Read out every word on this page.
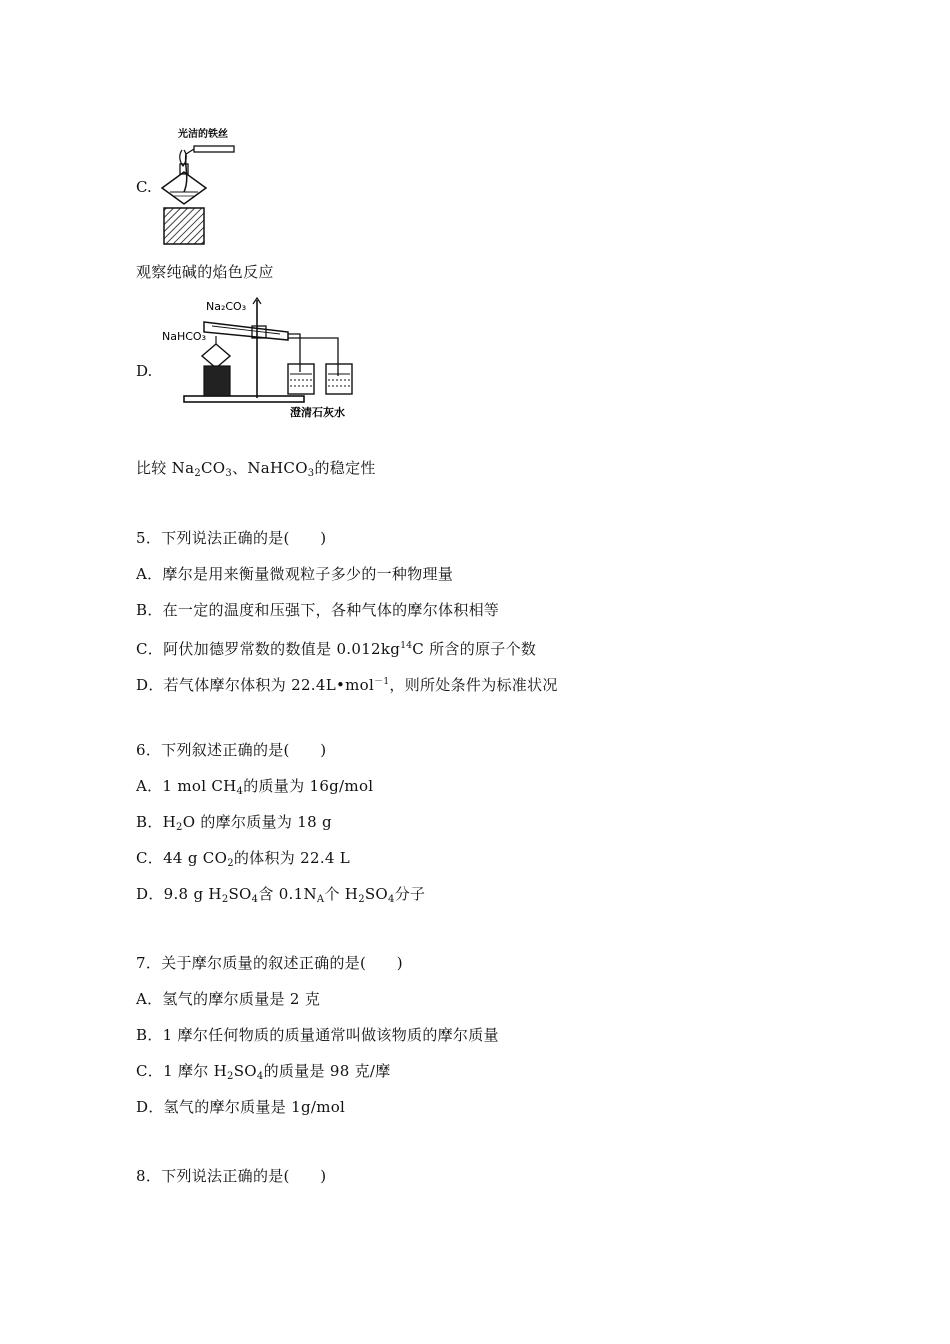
C.
光洁的铁丝
观察纯碱的焰色反应
D.
Na₂CO₃
NaHCO₃
澄清石灰水
比较 $Na_2CO_3$、NaHCO$_3$的稳定性
5．下列说法正确的是(　　)
A．摩尔是用来衡量微观粒子多少的一种物理量
B．在一定的温度和压强下，各种气体的摩尔体积相等
C．阿伏加德罗常数的数值是 $0.012kg^{14}C$ 所含的原子个数
D．若气体摩尔体积为 22.4L•mol$^{-1}$，则所处条件为标准状况
6．下列叙述正确的是(　　)
A．1 mol $CH_4$的质量为 16g/mol
B．$H_2O$ 的摩尔质量为 18 g
C．44 g $CO_2$的体积为 22.4 L
D．9.8 g $H_2SO_4$含 $0.1N_A$个 $H_2SO_4$分子
7．关于摩尔质量的叙述正确的是(　　)
A．氢气的摩尔质量是 2 克
B．1 摩尔任何物质的质量通常叫做该物质的摩尔质量
C．1 摩尔 $H_2SO_4$的质量是 98 克/摩
D．氢气的摩尔质量是 1g/mol
8．下列说法正确的是(　　)
